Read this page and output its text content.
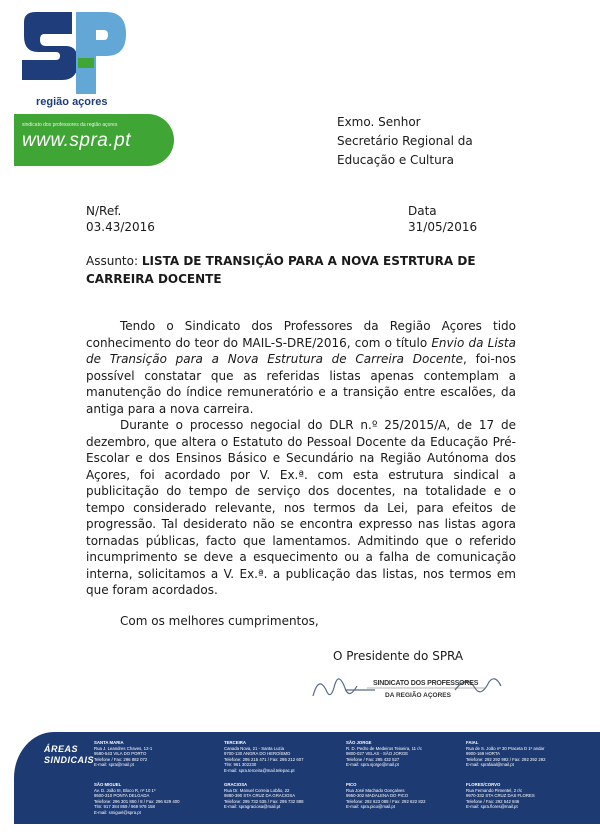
região açores
sindicato dos professores da região açores
www.spra.pt
Exmo. Senhor
Secretário Regional da
Educação e Cultura
N/Ref.
03.43/2016
Data
31/05/2016
Assunto: LISTA DE TRANSIÇÃO PARA A NOVA ESTRTURA DE CARREIRA DOCENTE

Tendo o Sindicato dos Professores da Região Açores tido conhecimento do teor do MAIL-S-DRE/2016, com o título Envio da Lista de Transição para a Nova Estrutura de Carreira Docente, foi-nos possível constatar que as referidas listas apenas contemplam a manutenção do índice remuneratório e a transição entre escalões, da antiga para a nova carreira.

Durante o processo negocial do DLR n.º 25/2015/A, de 17 de dezembro, que altera o Estatuto do Pessoal Docente da Educação Pré-Escolar e dos Ensinos Básico e Secundário na Região Autónoma dos Açores, foi acordado por V. Ex.ª. com esta estrutura sindical a publicitação do tempo de serviço dos docentes, na totalidade e o tempo considerado relevante, nos termos da Lei, para efeitos de progressão. Tal desiderato não se encontra expresso nas listas agora tornadas públicas, facto que lamentamos. Admitindo que o referido incumprimento se deve a esquecimento ou a falha de comunicação interna, solicitamos a V. Ex.ª. a publicação das listas, nos termos em que foram acordados.

Com os melhores cumprimentos,
O Presidente do SPRA
SINDICATO DOS PROFESSORES
DA REGIÃO AÇORES
ÁREAS
SINDICAIS
SANTA MARIA
Rua J. Leandres Chaves, 12-1
9580-543 VILA DO PORTO
Telefone / Fax: 296 882 072
E-mail: spra@mail.pt
TERCEIRA
Canada Nova, 21 - Santa Luzia
9700-130 ANGRA DO HEROÍSMO
Telefone: 295 215 471 / Fax: 295 212 607
Tlm: 961 302230
E-mail: spra.terceira@mail.telepac.pt
SÃO JORGE
R. D. Pedro de Medeiros Teixeira, 11 r/c
9800-027 VELAS - SÃO JORGE
Telefone / Fax: 295 432 527
E-mail: spra.sjorge@mail.pt
FAIAL
Rua de S. João nº 30 Praceta D 1º andar
9900-169 HORTA
Telefone: 292 292 992 / Fax: 292 292 292
E-mail: sprafaial@mail.pt
SÃO MIGUEL
Av. D. João III, Bloco R, nº 10 1º
9500-310 PONTA DELGADA
Telefone: 296 301 860 / 8 / Fax: 296 629 400
Tlm: 917 384 869 / 969 978 158
E-mail: smiguel@spra.pt
GRACIOSA
Rua Dr. Manuel Correia Lobão, 22
9880-390 STA CRUZ DA GRACIOSA
Telefone: 295 732 535 / Fax: 295 732 888
E-mail: spragraciosa@mail.pt
PICO
Rua José Machado Gonçalves
9950-302 MADALENA DO PICO
Telefone: 292 623 088 / Fax: 292 622 822
E-mail: spra.pico@mail.pt
FLORES/CORVO
Rua Fernando Pimentel, 2 r/c
9970-332 STA CRUZ DAS FLORES
Telefone / Fax: 292 542 846
E-mail: spra.flores@mail.pt
